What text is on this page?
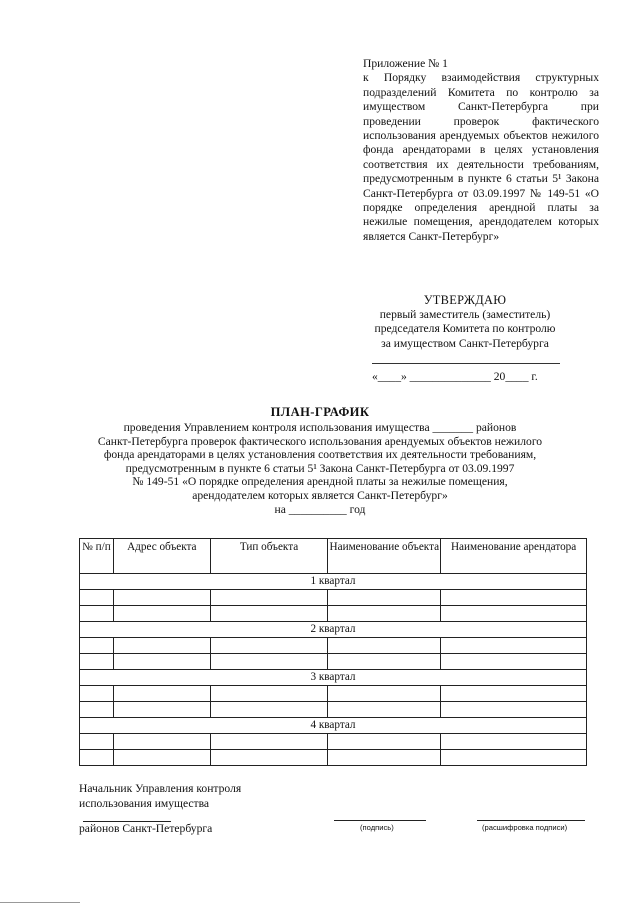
Приложение № 1
к Порядку взаимодействия структурных подразделений Комитета по контролю за имуществом Санкт-Петербурга при проведении проверок фактического использования арендуемых объектов нежилого фонда арендаторами в целях установления соответствия их деятельности требованиям, предусмотренным в пункте 6 статьи 5¹ Закона Санкт-Петербурга от 03.09.1997 № 149-51 «О порядке определения арендной платы за нежилые помещения, арендодателем которых является Санкт-Петербург»
УТВЕРЖДАЮ
первый заместитель (заместитель)
председателя Комитета по контролю
за имуществом Санкт-Петербурга
«____» ______________ 20____ г.
ПЛАН-ГРАФИК
проведения Управлением контроля использования имущества _______ районов
Санкт-Петербурга проверок фактического использования арендуемых объектов нежилого
фонда арендаторами в целях установления соответствия их деятельности требованиям,
предусмотренным в пункте 6 статьи 5¹ Закона Санкт-Петербурга от 03.09.1997
№ 149-51 «О порядке определения арендной платы за нежилые помещения,
арендодателем которых является Санкт-Петербург»
на __________ год
№ п/п	Адрес объекта	Тип объекта	Наименование объекта	Наименование арендатора
1 квартал				

2 квартал				

3 квартал				

4 квартал				

Начальник Управления контроля
использования имущества
районов Санкт-Петербурга	(подпись)	(расшифровка подписи)
